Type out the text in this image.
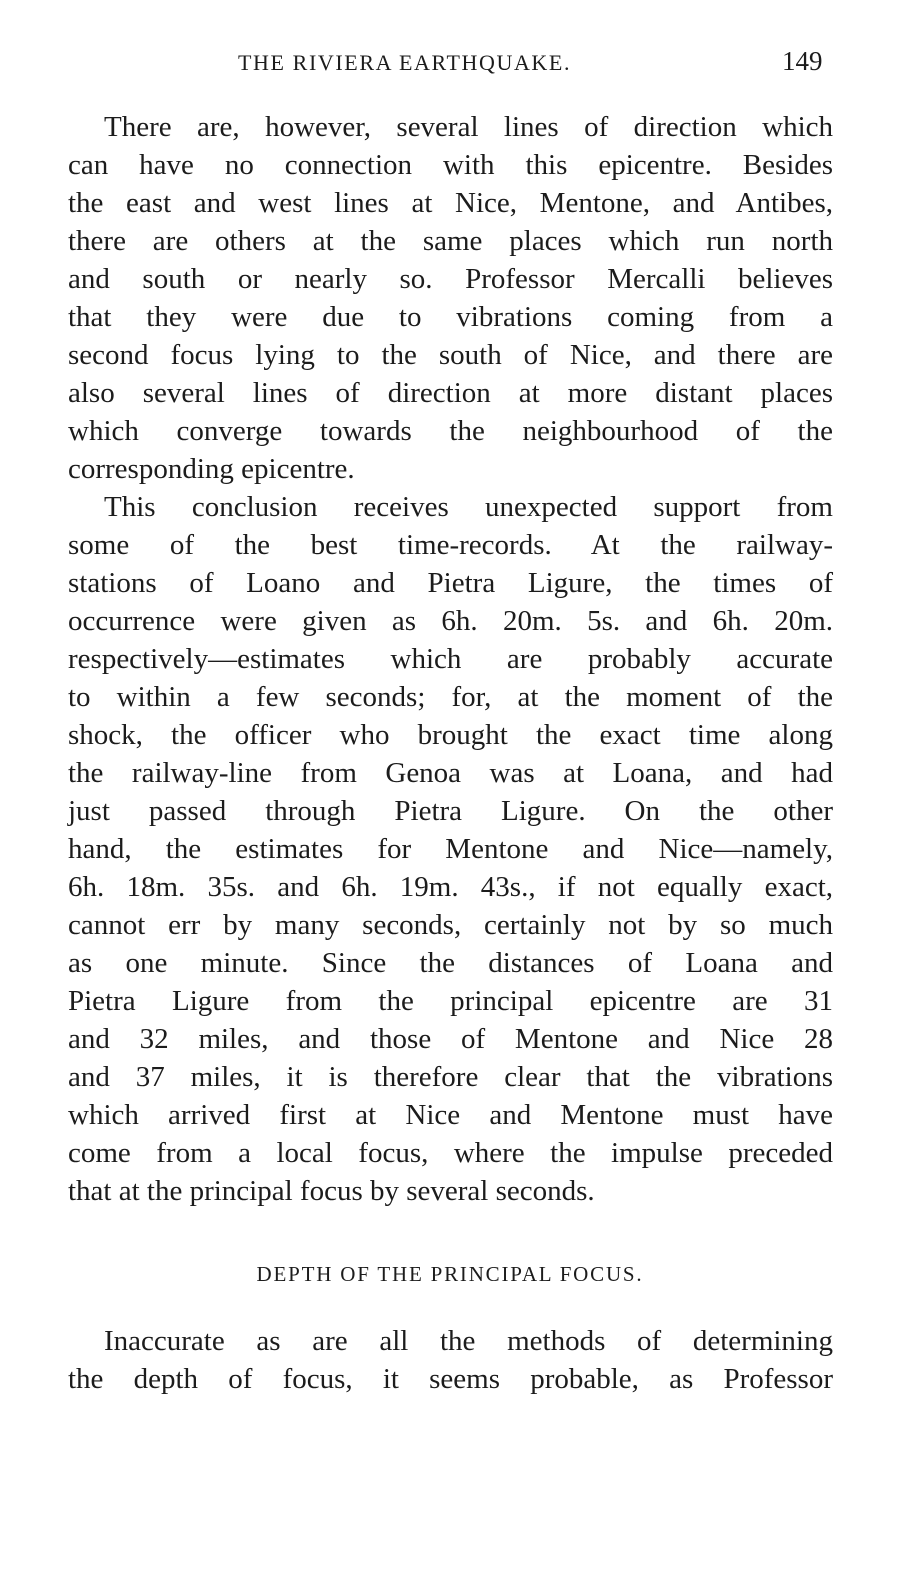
THE RIVIERA EARTHQUAKE.	149
There are, however, several lines of direction which
can have no connection with this epicentre. Besides
the east and west lines at Nice, Mentone, and Antibes,
there are others at the same places which run north
and south or nearly so. Professor Mercalli believes
that they were due to vibrations coming from a
second focus lying to the south of Nice, and there are
also several lines of direction at more distant places
which converge towards the neighbourhood of the
corresponding epicentre.
This conclusion receives unexpected support from
some of the best time-records. At the railway-
stations of Loano and Pietra Ligure, the times of
occurrence were given as 6h. 20m. 5s. and 6h. 20m.
respectively—estimates which are probably accurate
to within a few seconds; for, at the moment of the
shock, the officer who brought the exact time along
the railway-line from Genoa was at Loana, and had
just passed through Pietra Ligure. On the other
hand, the estimates for Mentone and Nice—namely,
6h. 18m. 35s. and 6h. 19m. 43s., if not equally exact,
cannot err by many seconds, certainly not by so much
as one minute. Since the distances of Loana and
Pietra Ligure from the principal epicentre are 31
and 32 miles, and those of Mentone and Nice 28
and 37 miles, it is therefore clear that the vibrations
which arrived first at Nice and Mentone must have
come from a local focus, where the impulse preceded
that at the principal focus by several seconds.
DEPTH OF THE PRINCIPAL FOCUS.
Inaccurate as are all the methods of determining
the depth of focus, it seems probable, as Professor
